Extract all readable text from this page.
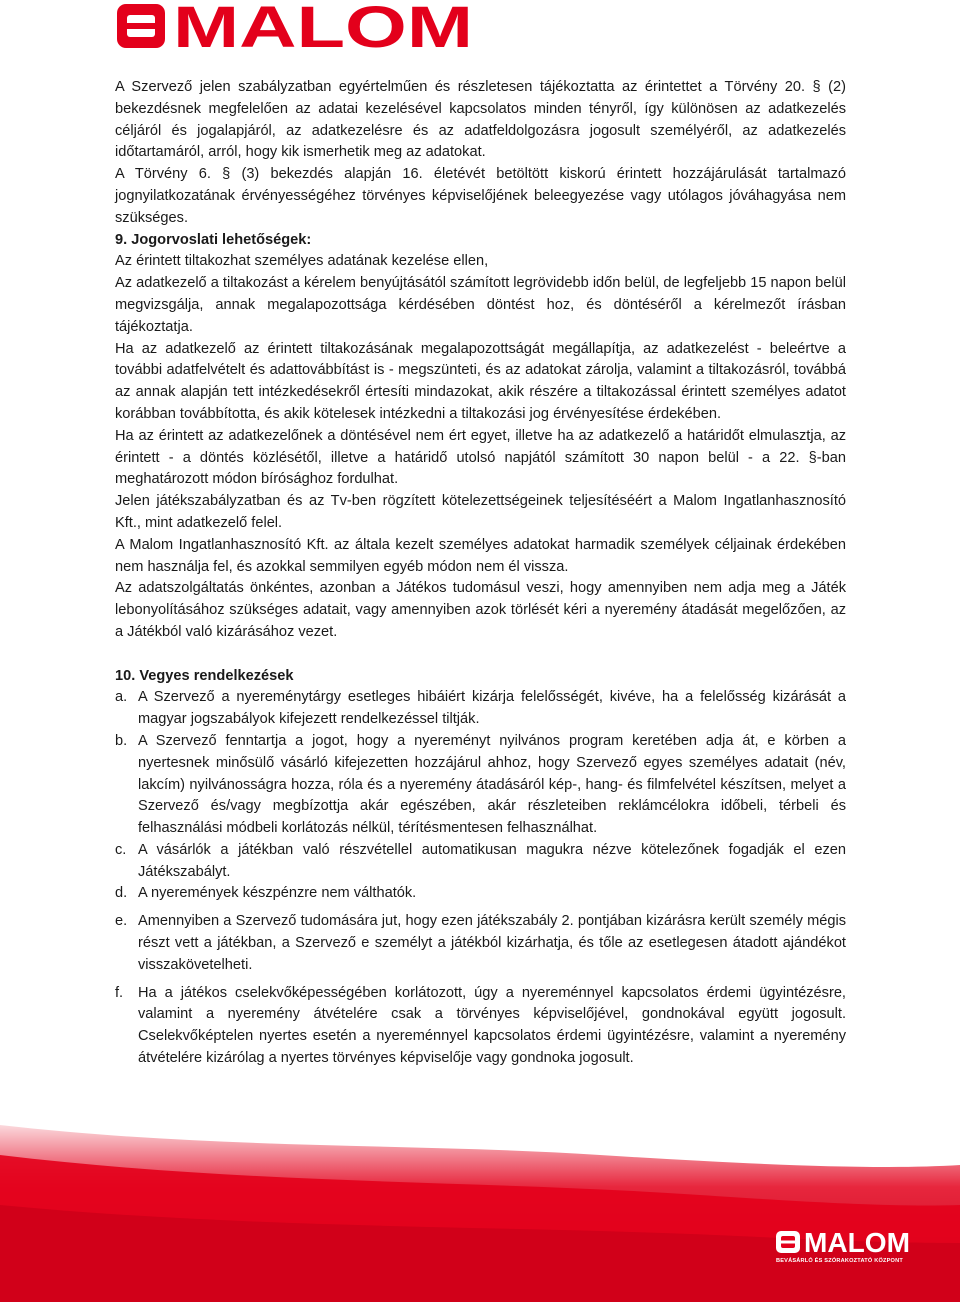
MALOM

A Szervező jelen szabályzatban egyértelműen és részletesen tájékoztatta az érintettet a Törvény 20. § (2) bekezdésnek megfelelően az adatai kezelésével kapcsolatos minden tényről, így különösen az adatkezelés céljáról és jogalapjáról, az adatkezelésre és az adatfeldolgozásra jogosult személyéről, az adatkezelés időtartamáról, arról, hogy kik ismerhetik meg az adatokat.

A Törvény 6. § (3) bekezdés alapján 16. életévét betöltött kiskorú érintett hozzájárulását tartalmazó jognyilatkozatának érvényességéhez törvényes képviselőjének beleegyezése vagy utólagos jóváhagyása nem szükséges.

9. Jogorvoslati lehetőségek:

Az érintett tiltakozhat személyes adatának kezelése ellen,

Az adatkezelő a tiltakozást a kérelem benyújtásától számított legrövidebb időn belül, de legfeljebb 15 napon belül megvizsgálja, annak megalapozottsága kérdésében döntést hoz, és döntéséről a kérelmezőt írásban tájékoztatja.

Ha az adatkezelő az érintett tiltakozásának megalapozottságát megállapítja, az adatkezelést - beleértve a további adatfelvételt és adattovábbítást is - megszünteti, és az adatokat zárolja, valamint a tiltakozásról, továbbá az annak alapján tett intézkedésekről értesíti mindazokat, akik részére a tiltakozással érintett személyes adatot korábban továbbította, és akik kötelesek intézkedni a tiltakozási jog érvényesítése érdekében.

Ha az érintett az adatkezelőnek a döntésével nem ért egyet, illetve ha az adatkezelő a határidőt elmulasztja, az érintett - a döntés közlésétől, illetve a határidő utolsó napjától számított 30 napon belül - a 22. §-ban meghatározott módon bírósághoz fordulhat.

Jelen játékszabályzatban és az Tv-ben rögzített kötelezettségeinek teljesítéséért a Malom Ingatlanhasznosító Kft., mint adatkezelő felel.

A Malom Ingatlanhasznosító Kft. az általa kezelt személyes adatokat harmadik személyek céljainak érdekében nem használja fel, és azokkal semmilyen egyéb módon nem él vissza.

Az adatszolgáltatás önkéntes, azonban a Játékos tudomásul veszi, hogy amennyiben nem adja meg a Játék lebonyolításához szükséges adatait, vagy amennyiben azok törlését kéri a nyeremény átadását megelőzően, az a Játékból való kizárásához vezet.

10. Vegyes rendelkezések

a. A Szervező a nyereménytárgy esetleges hibáiért kizárja felelősségét, kivéve, ha a felelősség kizárását a magyar jogszabályok kifejezett rendelkezéssel tiltják.
b. A Szervező fenntartja a jogot, hogy a nyereményt nyilvános program keretében adja át, e körben a nyertesnek minősülő vásárló kifejezetten hozzájárul ahhoz, hogy Szervező egyes személyes adatait (név, lakcím) nyilvánosságra hozza, róla és a nyeremény átadásáról kép-, hang- és filmfelvétel készítsen, melyet a Szervező és/vagy megbízottja akár egészében, akár részleteiben reklámcélokra időbeli, térbeli és felhasználási módbeli korlátozás nélkül, térítésmentesen felhasználhat.
c. A vásárlók a játékban való részvétellel automatikusan magukra nézve kötelezőnek fogadják el ezen Játékszabályt.
d. A nyeremények készpénzre nem válthatók.
e. Amennyiben a Szervező tudomására jut, hogy ezen játékszabály 2. pontjában kizárásra került személy mégis részt vett a játékban, a Szervező e személyt a játékból kizárhatja, és tőle az esetlegesen átadott ajándékot visszakövetelheti.
f. Ha a játékos cselekvőképességében korlátozott, úgy a nyereménnyel kapcsolatos érdemi ügyintézésre, valamint a nyeremény átvételére csak a törvényes képviselőjével, gondnokával együtt jogosult. Cselekvőképtelen nyertes esetén a nyereménnyel kapcsolatos érdemi ügyintézésre, valamint a nyeremény átvételére kizárólag a nyertes törvényes képviselője vagy gondnoka jogosult.
MALOM
BEVÁSÁRLÓ ÉS SZÓRAKOZTATÓ KÖZPONT
